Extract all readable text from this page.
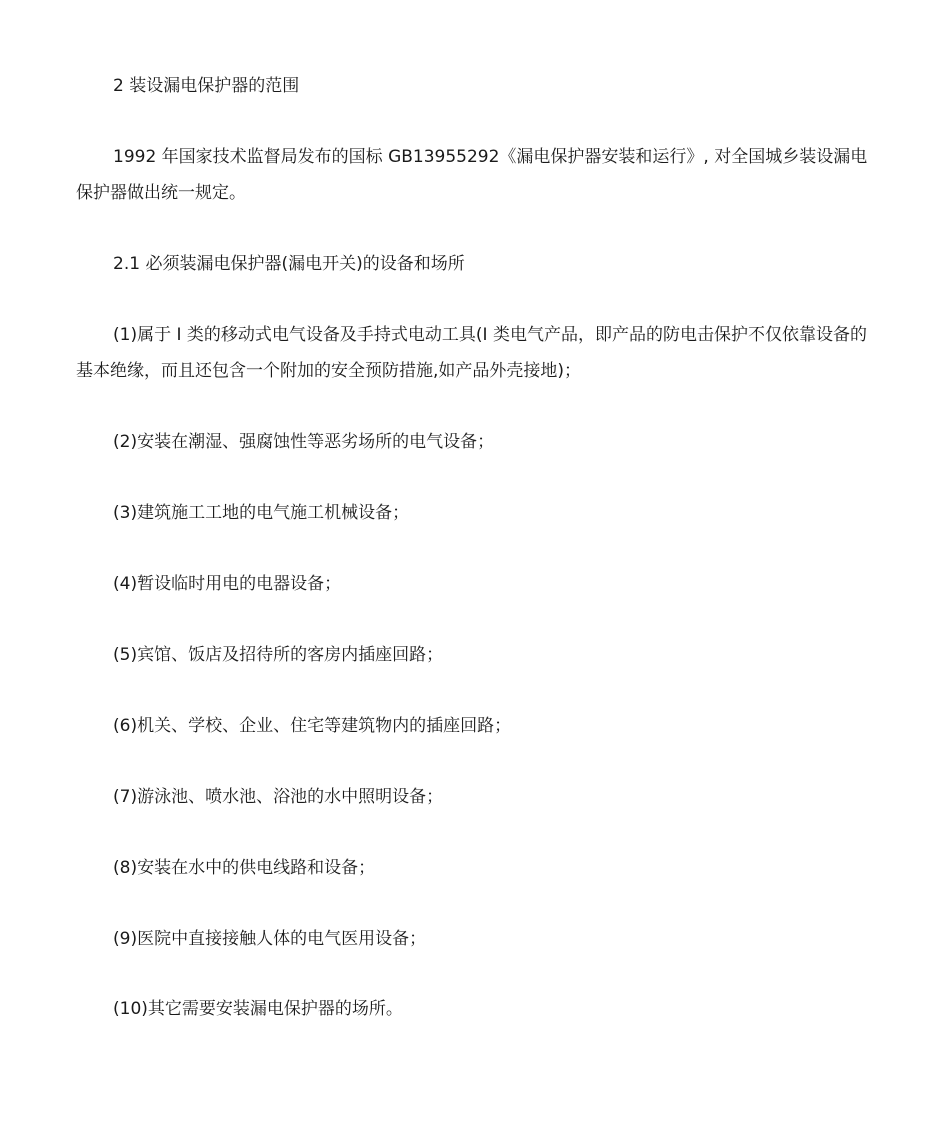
2 装设漏电保护器的范围

1992 年国家技术监督局发布的国标 GB13955292《漏电保护器安装和运行》, 对全国城乡装设漏电保护器做出统一规定。

2.1 必须装漏电保护器(漏电开关)的设备和场所

(1)属于 I 类的移动式电气设备及手持式电动工具(I 类电气产品，即产品的防电击保护不仅依靠设备的基本绝缘，而且还包含一个附加的安全预防措施,如产品外壳接地)；

(2)安装在潮湿、强腐蚀性等恶劣场所的电气设备；

(3)建筑施工工地的电气施工机械设备；

(4)暂设临时用电的电器设备；

(5)宾馆、饭店及招待所的客房内插座回路；

(6)机关、学校、企业、住宅等建筑物内的插座回路；

(7)游泳池、喷水池、浴池的水中照明设备；

(8)安装在水中的供电线路和设备；

(9)医院中直接接触人体的电气医用设备；

(10)其它需要安装漏电保护器的场所。
